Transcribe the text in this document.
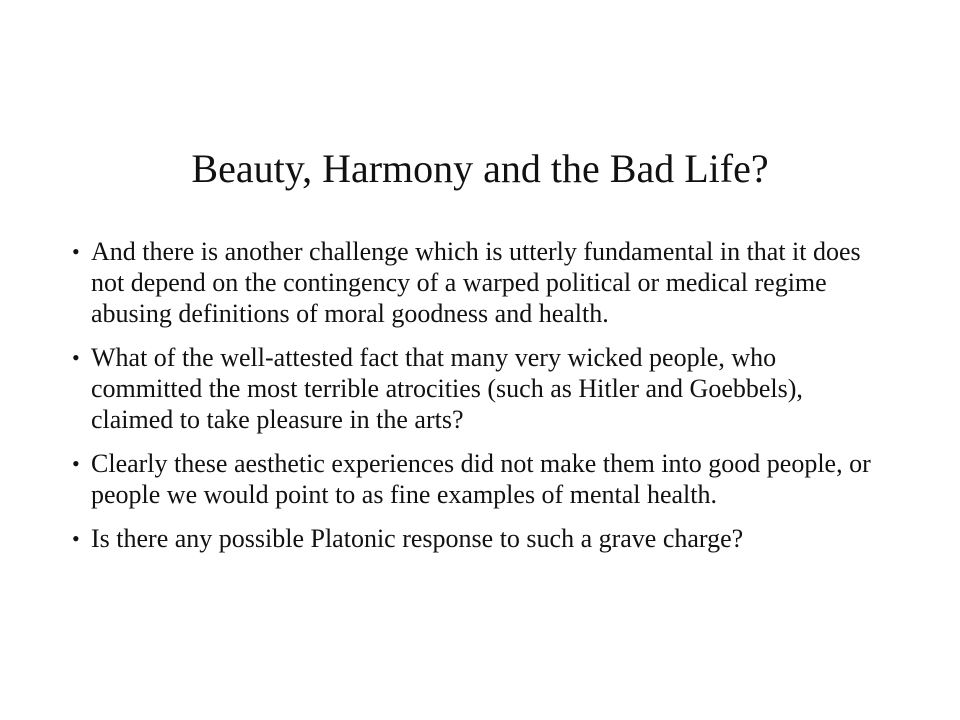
Beauty, Harmony and the Bad Life?
• And there is another challenge which is utterly fundamental in that it does not depend on the contingency of a warped political or medical regime abusing definitions of moral goodness and health.
• What of the well-attested fact that many very wicked people, who committed the most terrible atrocities (such as Hitler and Goebbels), claimed to take pleasure in the arts?
• Clearly these aesthetic experiences did not make them into good people, or people we would point to as fine examples of mental health.
• Is there any possible Platonic response to such a grave charge?
